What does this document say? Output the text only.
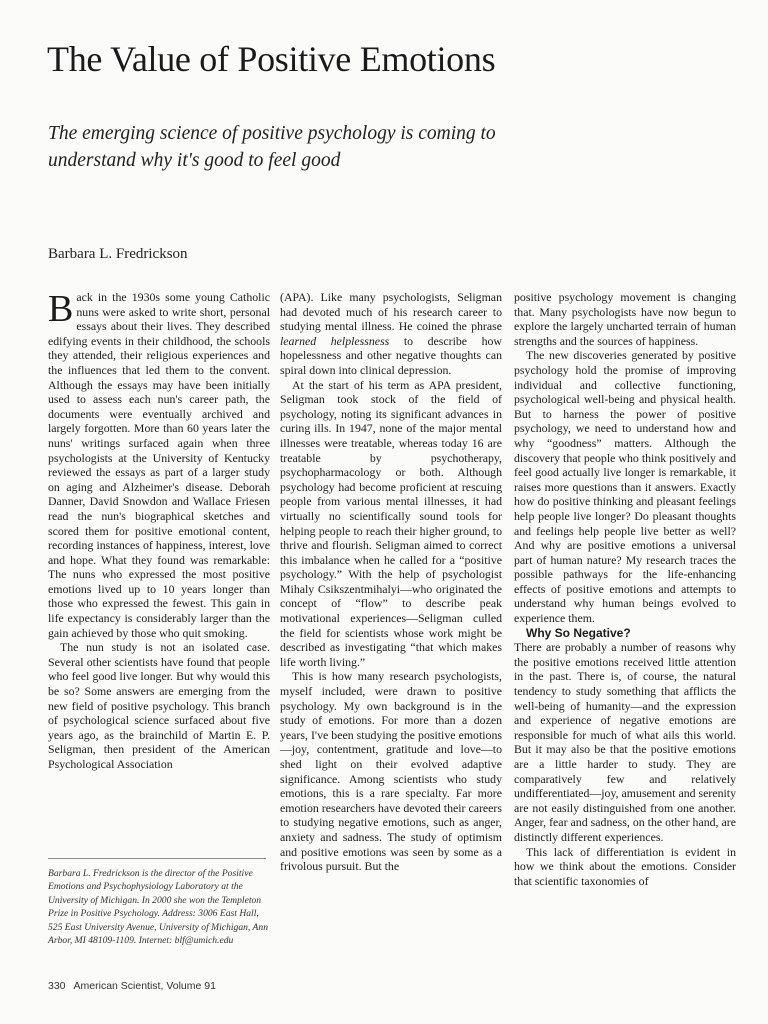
The Value of Positive Emotions

The emerging science of positive psychology is coming to understand why it's good to feel good

Barbara L. Fredrickson

Back in the 1930s some young Catholic nuns were asked to write short, personal essays about their lives. They described edifying events in their childhood, the schools they attended, their religious experiences and the influences that led them to the convent. Although the essays may have been initially used to assess each nun's career path, the documents were eventually archived and largely forgotten. More than 60 years later the nuns' writings surfaced again when three psychologists at the University of Kentucky reviewed the essays as part of a larger study on aging and Alzheimer's disease. Deborah Danner, David Snowdon and Wallace Friesen read the nun's biographical sketches and scored them for positive emotional content, recording instances of happiness, interest, love and hope. What they found was remarkable: The nuns who expressed the most positive emotions lived up to 10 years longer than those who expressed the fewest. This gain in life expectancy is considerably larger than the gain achieved by those who quit smoking.

The nun study is not an isolated case. Several other scientists have found that people who feel good live longer. But why would this be so? Some answers are emerging from the new field of positive psychology. This branch of psychological science surfaced about five years ago, as the brainchild of Martin E. P. Seligman, then president of the American Psychological Association

(APA). Like many psychologists, Seligman had devoted much of his research career to studying mental illness. He coined the phrase learned helplessness to describe how hopelessness and other negative thoughts can spiral down into clinical depression.

At the start of his term as APA president, Seligman took stock of the field of psychology, noting its significant advances in curing ills. In 1947, none of the major mental illnesses were treatable, whereas today 16 are treatable by psychotherapy, psychopharmacology or both. Although psychology had become proficient at rescuing people from various mental illnesses, it had virtually no scientifically sound tools for helping people to reach their higher ground, to thrive and flourish. Seligman aimed to correct this imbalance when he called for a “positive psychology.” With the help of psychologist Mihaly Csikszentmihalyi—who originated the concept of “flow” to describe peak motivational experiences—Seligman culled the field for scientists whose work might be described as investigating “that which makes life worth living.”

This is how many research psychologists, myself included, were drawn to positive psychology. My own background is in the study of emotions. For more than a dozen years, I've been studying the positive emotions—joy, contentment, gratitude and love—to shed light on their evolved adaptive significance. Among scientists who study emotions, this is a rare specialty. Far more emotion researchers have devoted their careers to studying negative emotions, such as anger, anxiety and sadness. The study of optimism and positive emotions was seen by some as a frivolous pursuit. But the

positive psychology movement is changing that. Many psychologists have now begun to explore the largely uncharted terrain of human strengths and the sources of happiness.

The new discoveries generated by positive psychology hold the promise of improving individual and collective functioning, psychological well-being and physical health. But to harness the power of positive psychology, we need to understand how and why “goodness” matters. Although the discovery that people who think positively and feel good actually live longer is remarkable, it raises more questions than it answers. Exactly how do positive thinking and pleasant feelings help people live longer? Do pleasant thoughts and feelings help people live better as well? And why are positive emotions a universal part of human nature? My research traces the possible pathways for the life-enhancing effects of positive emotions and attempts to understand why human beings evolved to experience them.

Why So Negative?

There are probably a number of reasons why the positive emotions received little attention in the past. There is, of course, the natural tendency to study something that afflicts the well-being of humanity—and the expression and experience of negative emotions are responsible for much of what ails this world. But it may also be that the positive emotions are a little harder to study. They are comparatively few and relatively undifferentiated—joy, amusement and serenity are not easily distinguished from one another. Anger, fear and sadness, on the other hand, are distinctly different experiences.

This lack of differentiation is evident in how we think about the emotions. Consider that scientific taxonomies of

Barbara L. Fredrickson is the director of the Positive Emotions and Psychophysiology Laboratory at the University of Michigan. In 2000 she won the Templeton Prize in Positive Psychology. Address: 3006 East Hall, 525 East University Avenue, University of Michigan, Ann Arbor, MI 48109-1109. Internet: blf@umich.edu

330 American Scientist, Volume 91
